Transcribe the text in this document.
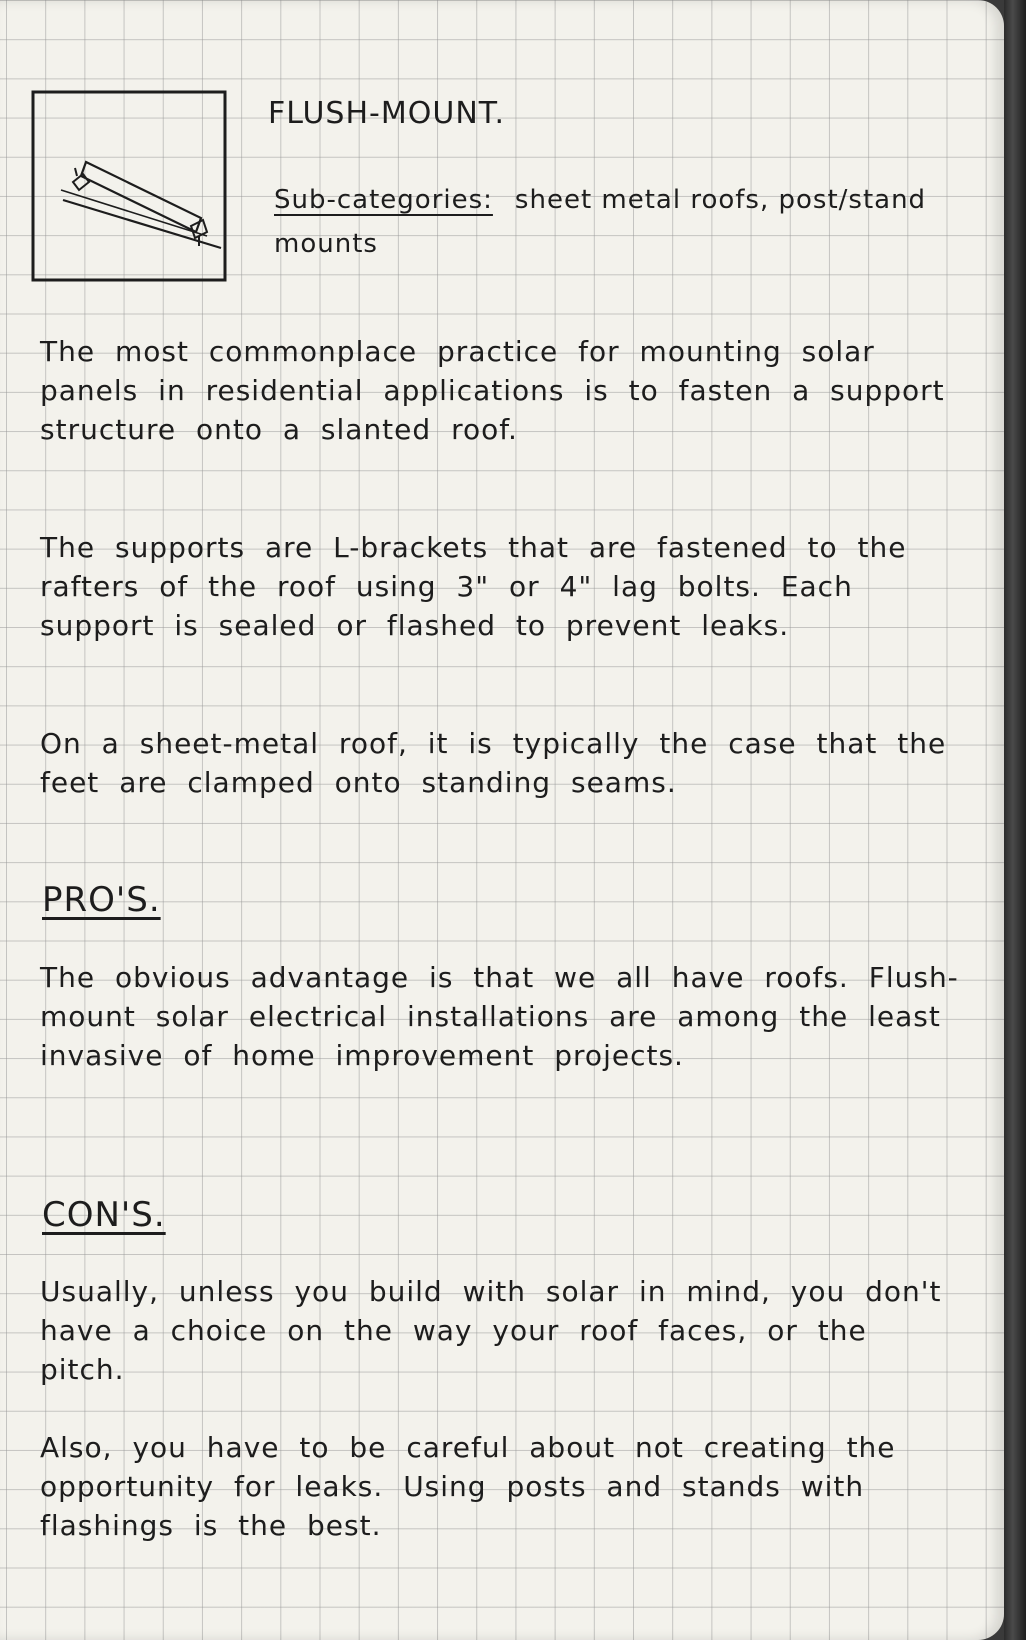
FLUSH-MOUNT.
Sub-categories: sheet metal roofs, post/stand mounts

The most commonplace practice for mounting solar panels in residential applications is to fasten a support structure onto a slanted roof.

The supports are L-brackets that are fastened to the rafters of the roof using 3" or 4" lag bolts. Each support is sealed or flashed to prevent leaks.

On a sheet-metal roof, it is typically the case that the feet are clamped onto standing seams.

PRO'S.

The obvious advantage is that we all have roofs. Flush-mount solar electrical installations are among the least invasive of home improvement projects.

CON'S.

Usually, unless you build with solar in mind, you don't have a choice on the way your roof faces, or the pitch.

Also, you have to be careful about not creating the opportunity for leaks. Using posts and stands with flashings is the best.
